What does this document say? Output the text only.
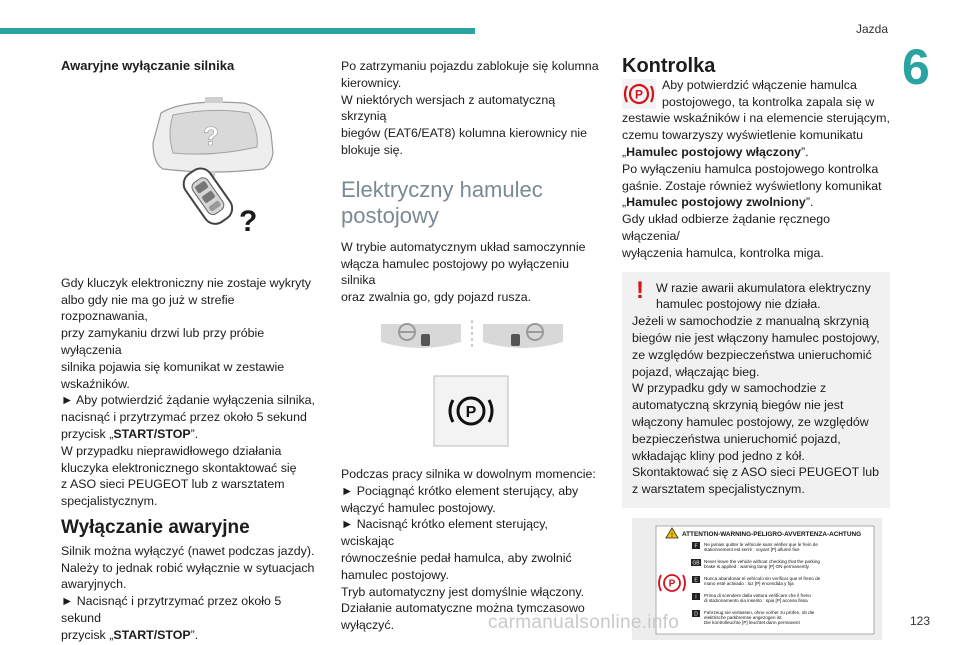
Jazda
6
Awaryjne wyłączanie silnika
?
?

Gdy kluczyk elektroniczny nie zostaje wykryty
albo gdy nie ma go już w strefie rozpoznawania,
przy zamykaniu drzwi lub przy próbie wyłączenia
silnika pojawia się komunikat w zestawie
wskaźników.
► Aby potwierdzić żądanie wyłączenia silnika,
nacisnąć i przytrzymać przez około 5 sekund
przycisk „START/STOP”.
W przypadku nieprawidłowego działania
kluczyka elektronicznego skontaktować się
z ASO sieci PEUGEOT lub z warsztatem
specjalistycznym.

Wyłączanie awaryjne

Silnik można wyłączyć (nawet podczas jazdy).
Należy to jednak robić wyłącznie w sytuacjach
awaryjnych.
► Nacisnąć i przytrzymać przez około 5 sekund
przycisk „START/STOP”.

Po zatrzymaniu pojazdu zablokuje się kolumna
kierownicy.
W niektórych wersjach z automatyczną skrzynią
biegów (EAT6/EAT8) kolumna kierownicy nie
blokuje się.

Elektryczny hamulec
postojowy

W trybie automatycznym układ samoczynnie
włącza hamulec postojowy po wyłączeniu silnika
oraz zwalnia go, gdy pojazd rusza.

P

Podczas pracy silnika w dowolnym momencie:
► Pociągnąć krótko element sterujący, aby
włączyć hamulec postojowy.
► Nacisnąć krótko element sterujący, wciskając
równocześnie pedał hamulca, aby zwolnić
hamulec postojowy.
Tryb automatyczny jest domyślnie włączony.
Działanie automatyczne można tymczasowo
wyłączyć.

Kontrolka
P
Aby potwierdzić włączenie hamulca
postojowego, ta kontrolka zapala się w

zestawie wskaźników i na elemencie sterującym,
czemu towarzyszy wyświetlenie komunikatu
„Hamulec postojowy włączony”.
Po wyłączeniu hamulca postojowego kontrolka
gaśnie. Zostaje również wyświetlony komunikat
„Hamulec postojowy zwolniony”.
Gdy układ odbierze żądanie ręcznego włączenia/
wyłączenia hamulca, kontrolka miga.

! W razie awarii akumulatora elektryczny
hamulec postojowy nie działa.

Jeżeli w samochodzie z manualną skrzynią
biegów nie jest włączony hamulec postojowy,
ze względów bezpieczeństwa unieruchomić
pojazd, włączając bieg.
W przypadku gdy w samochodzie z
automatyczną skrzynią biegów nie jest
włączony hamulec postojowy, ze względów
bezpieczeństwa unieruchomić pojazd,
wkładając kliny pod jedno z kół.
Skontaktować się z ASO sieci PEUGEOT lub
z warsztatem specjalistycznym.

! ATTENTION-WARNING-PELIGRO-AVVERTENZA-ACHTUNG
P
F Ne jamais quitter le véhicule sans vérifier que le frein de
stationnement est serré : voyant [P] allumé fixe
GB Never leave the vehicle without checking that the parking
brake is applied : warning lamp [P] ON permanently
E Nunca abandonar el vehículo sin verificar que el freno de
mano esté activado : luz [P] encendida y fija
I Prima di scendere dalla vettura verificare che il freno
di stazionamento sia inserito : spia [P] accesa fissa
D Fahrzeug nie verlassen, ohne vorher zu prüfen, ob die
elektrische parkbremse angezogen ist.
Die kontrolleuchte [P] leuchtet dann permanent
carmanualsonline.info	123
